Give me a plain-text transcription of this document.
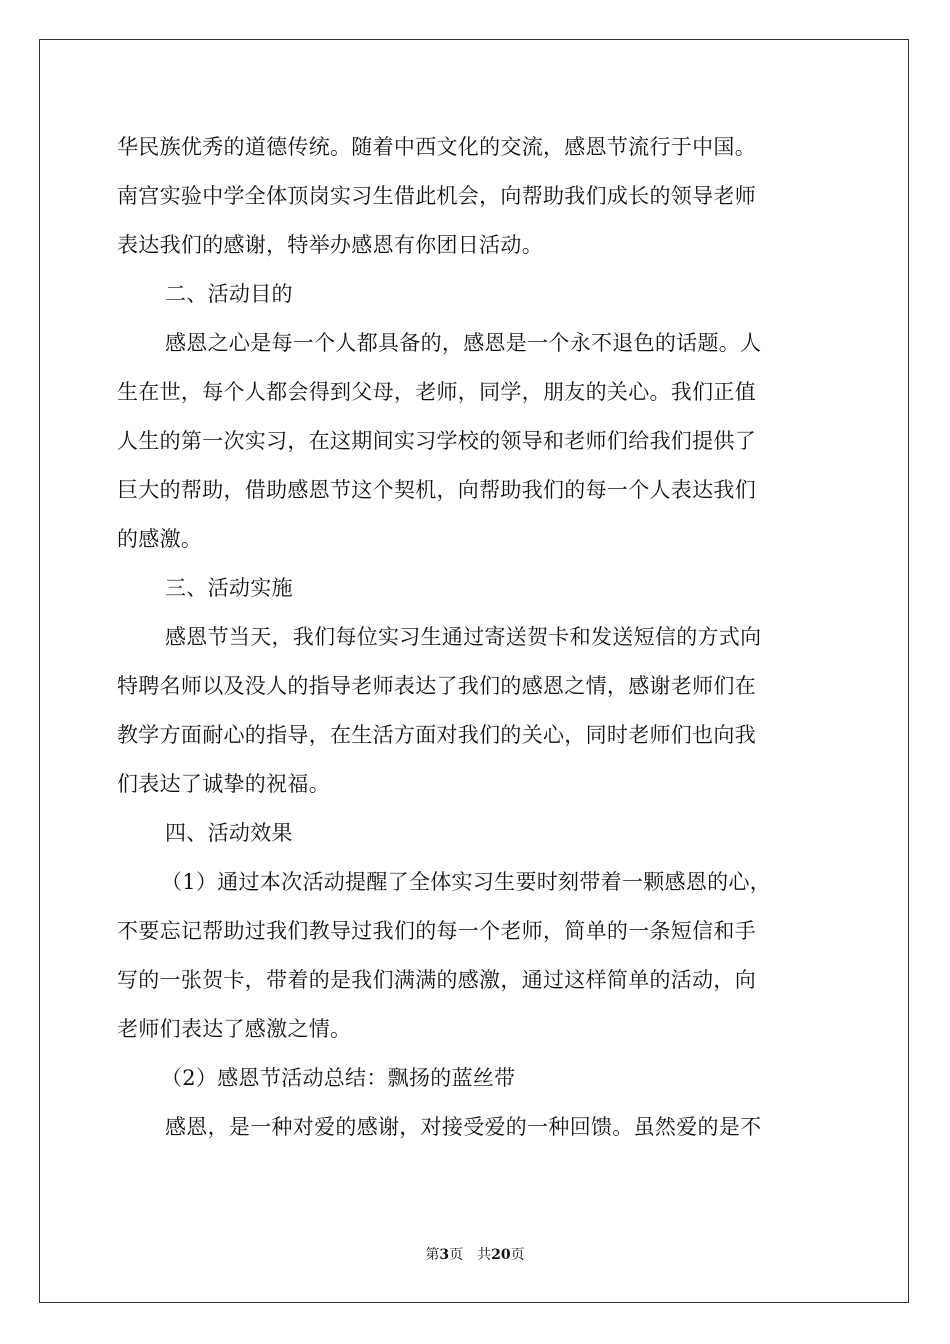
华民族优秀的道德传统。随着中西文化的交流，感恩节流行于中国。
南宫实验中学全体顶岗实习生借此机会，向帮助我们成长的领导老师
表达我们的感谢，特举办感恩有你团日活动。
二、活动目的
感恩之心是每一个人都具备的，感恩是一个永不退色的话题。人
生在世，每个人都会得到父母，老师，同学，朋友的关心。我们正值
人生的第一次实习，在这期间实习学校的领导和老师们给我们提供了
巨大的帮助，借助感恩节这个契机，向帮助我们的每一个人表达我们
的感激。
三、活动实施
感恩节当天，我们每位实习生通过寄送贺卡和发送短信的方式向
特聘名师以及没人的指导老师表达了我们的感恩之情，感谢老师们在
教学方面耐心的指导，在生活方面对我们的关心，同时老师们也向我
们表达了诚挚的祝福。
四、活动效果
（1）通过本次活动提醒了全体实习生要时刻带着一颗感恩的心，
不要忘记帮助过我们教导过我们的每一个老师，简单的一条短信和手
写的一张贺卡，带着的是我们满满的感激，通过这样简单的活动，向
老师们表达了感激之情。
（2）感恩节活动总结：飘扬的蓝丝带
感恩，是一种对爱的感谢，对接受爱的一种回馈。虽然爱的是不
第3页 共20页
